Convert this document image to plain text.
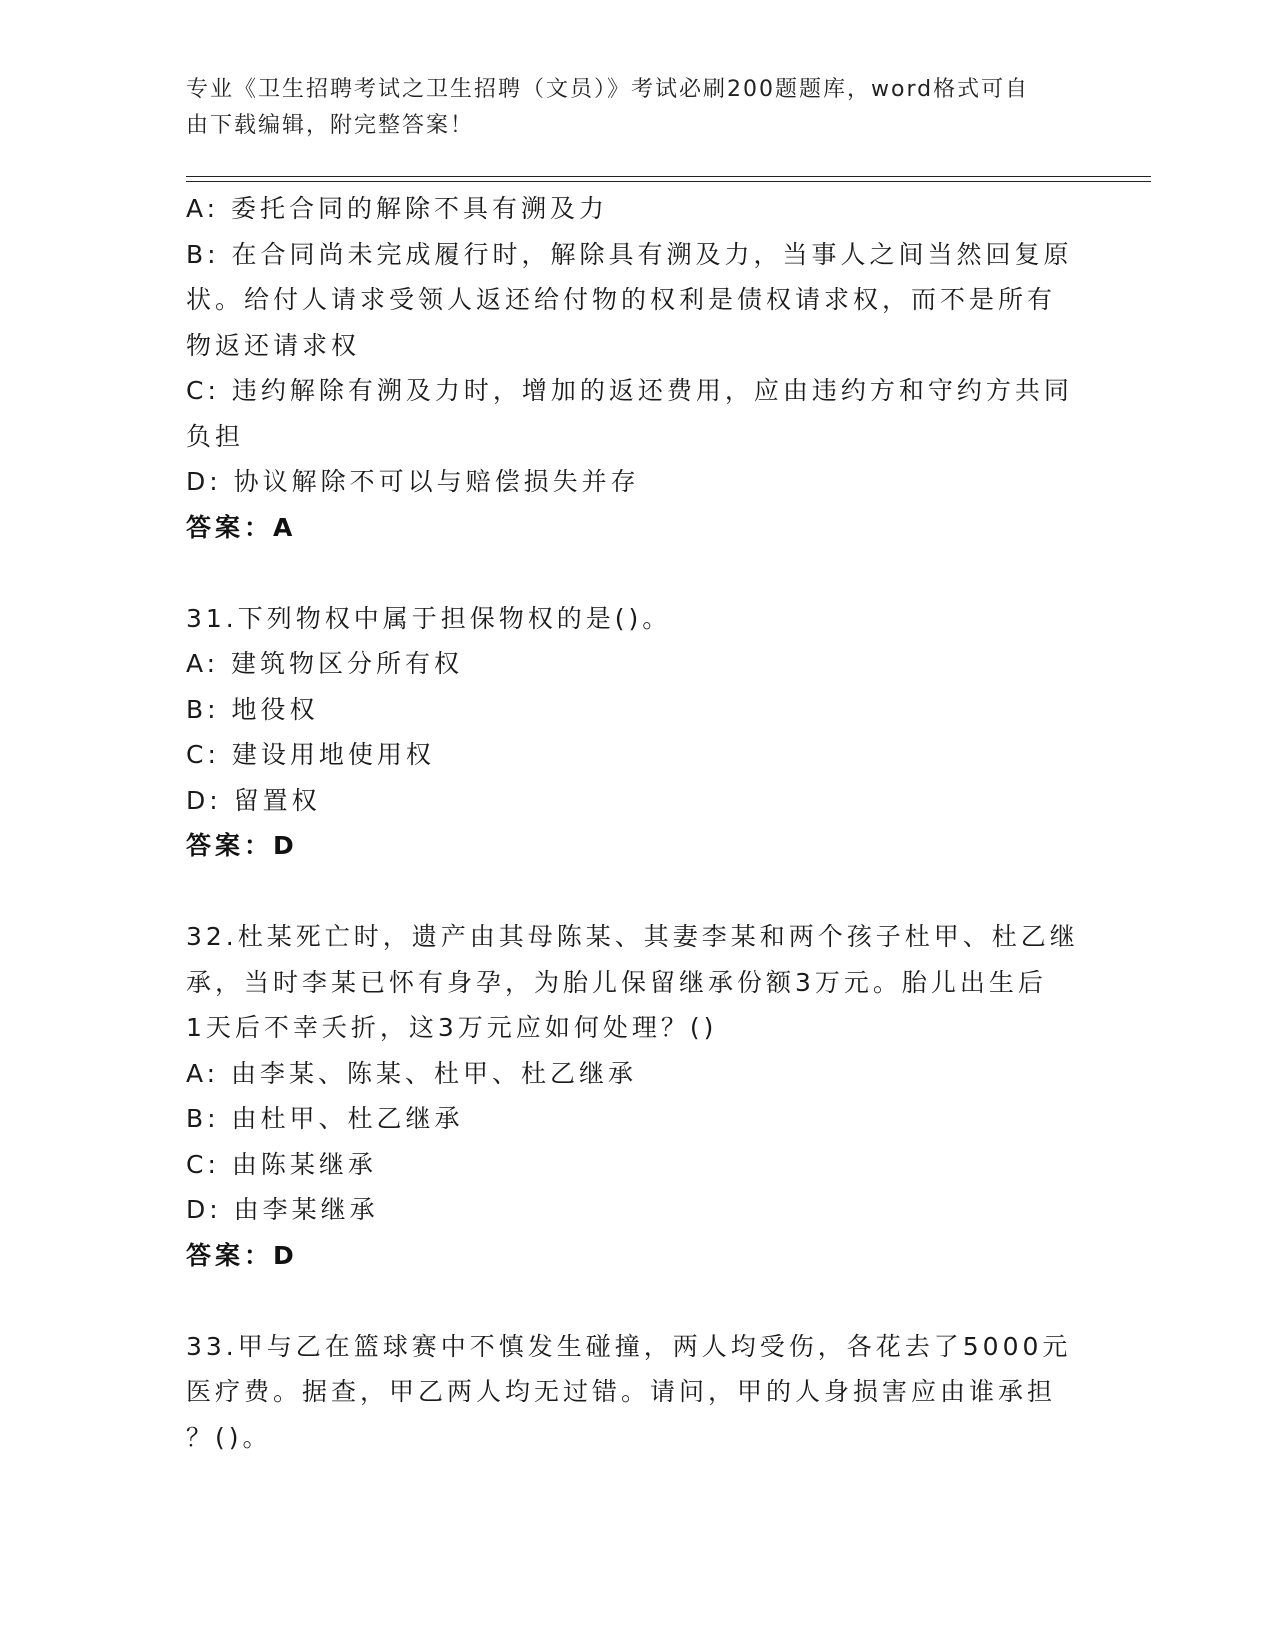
专业《卫生招聘考试之卫生招聘（文员）》考试必刷200题题库，word格式可自
由下载编辑，附完整答案！
A: 委托合同的解除不具有溯及力
B: 在合同尚未完成履行时，解除具有溯及力，当事人之间当然回复原
状。给付人请求受领人返还给付物的权利是债权请求权，而不是所有
物返还请求权
C: 违约解除有溯及力时，增加的返还费用，应由违约方和守约方共同
负担
D: 协议解除不可以与赔偿损失并存
答案：A
31.下列物权中属于担保物权的是()。
A: 建筑物区分所有权
B: 地役权
C: 建设用地使用权
D: 留置权
答案：D
32.杜某死亡时，遗产由其母陈某、其妻李某和两个孩子杜甲、杜乙继
承，当时李某已怀有身孕，为胎儿保留继承份额3万元。胎儿出生后
1天后不幸夭折，这3万元应如何处理？()
A: 由李某、陈某、杜甲、杜乙继承
B: 由杜甲、杜乙继承
C: 由陈某继承
D: 由李某继承
答案：D
33.甲与乙在篮球赛中不慎发生碰撞，两人均受伤，各花去了5000元
医疗费。据查，甲乙两人均无过错。请问，甲的人身损害应由谁承担
？()。
